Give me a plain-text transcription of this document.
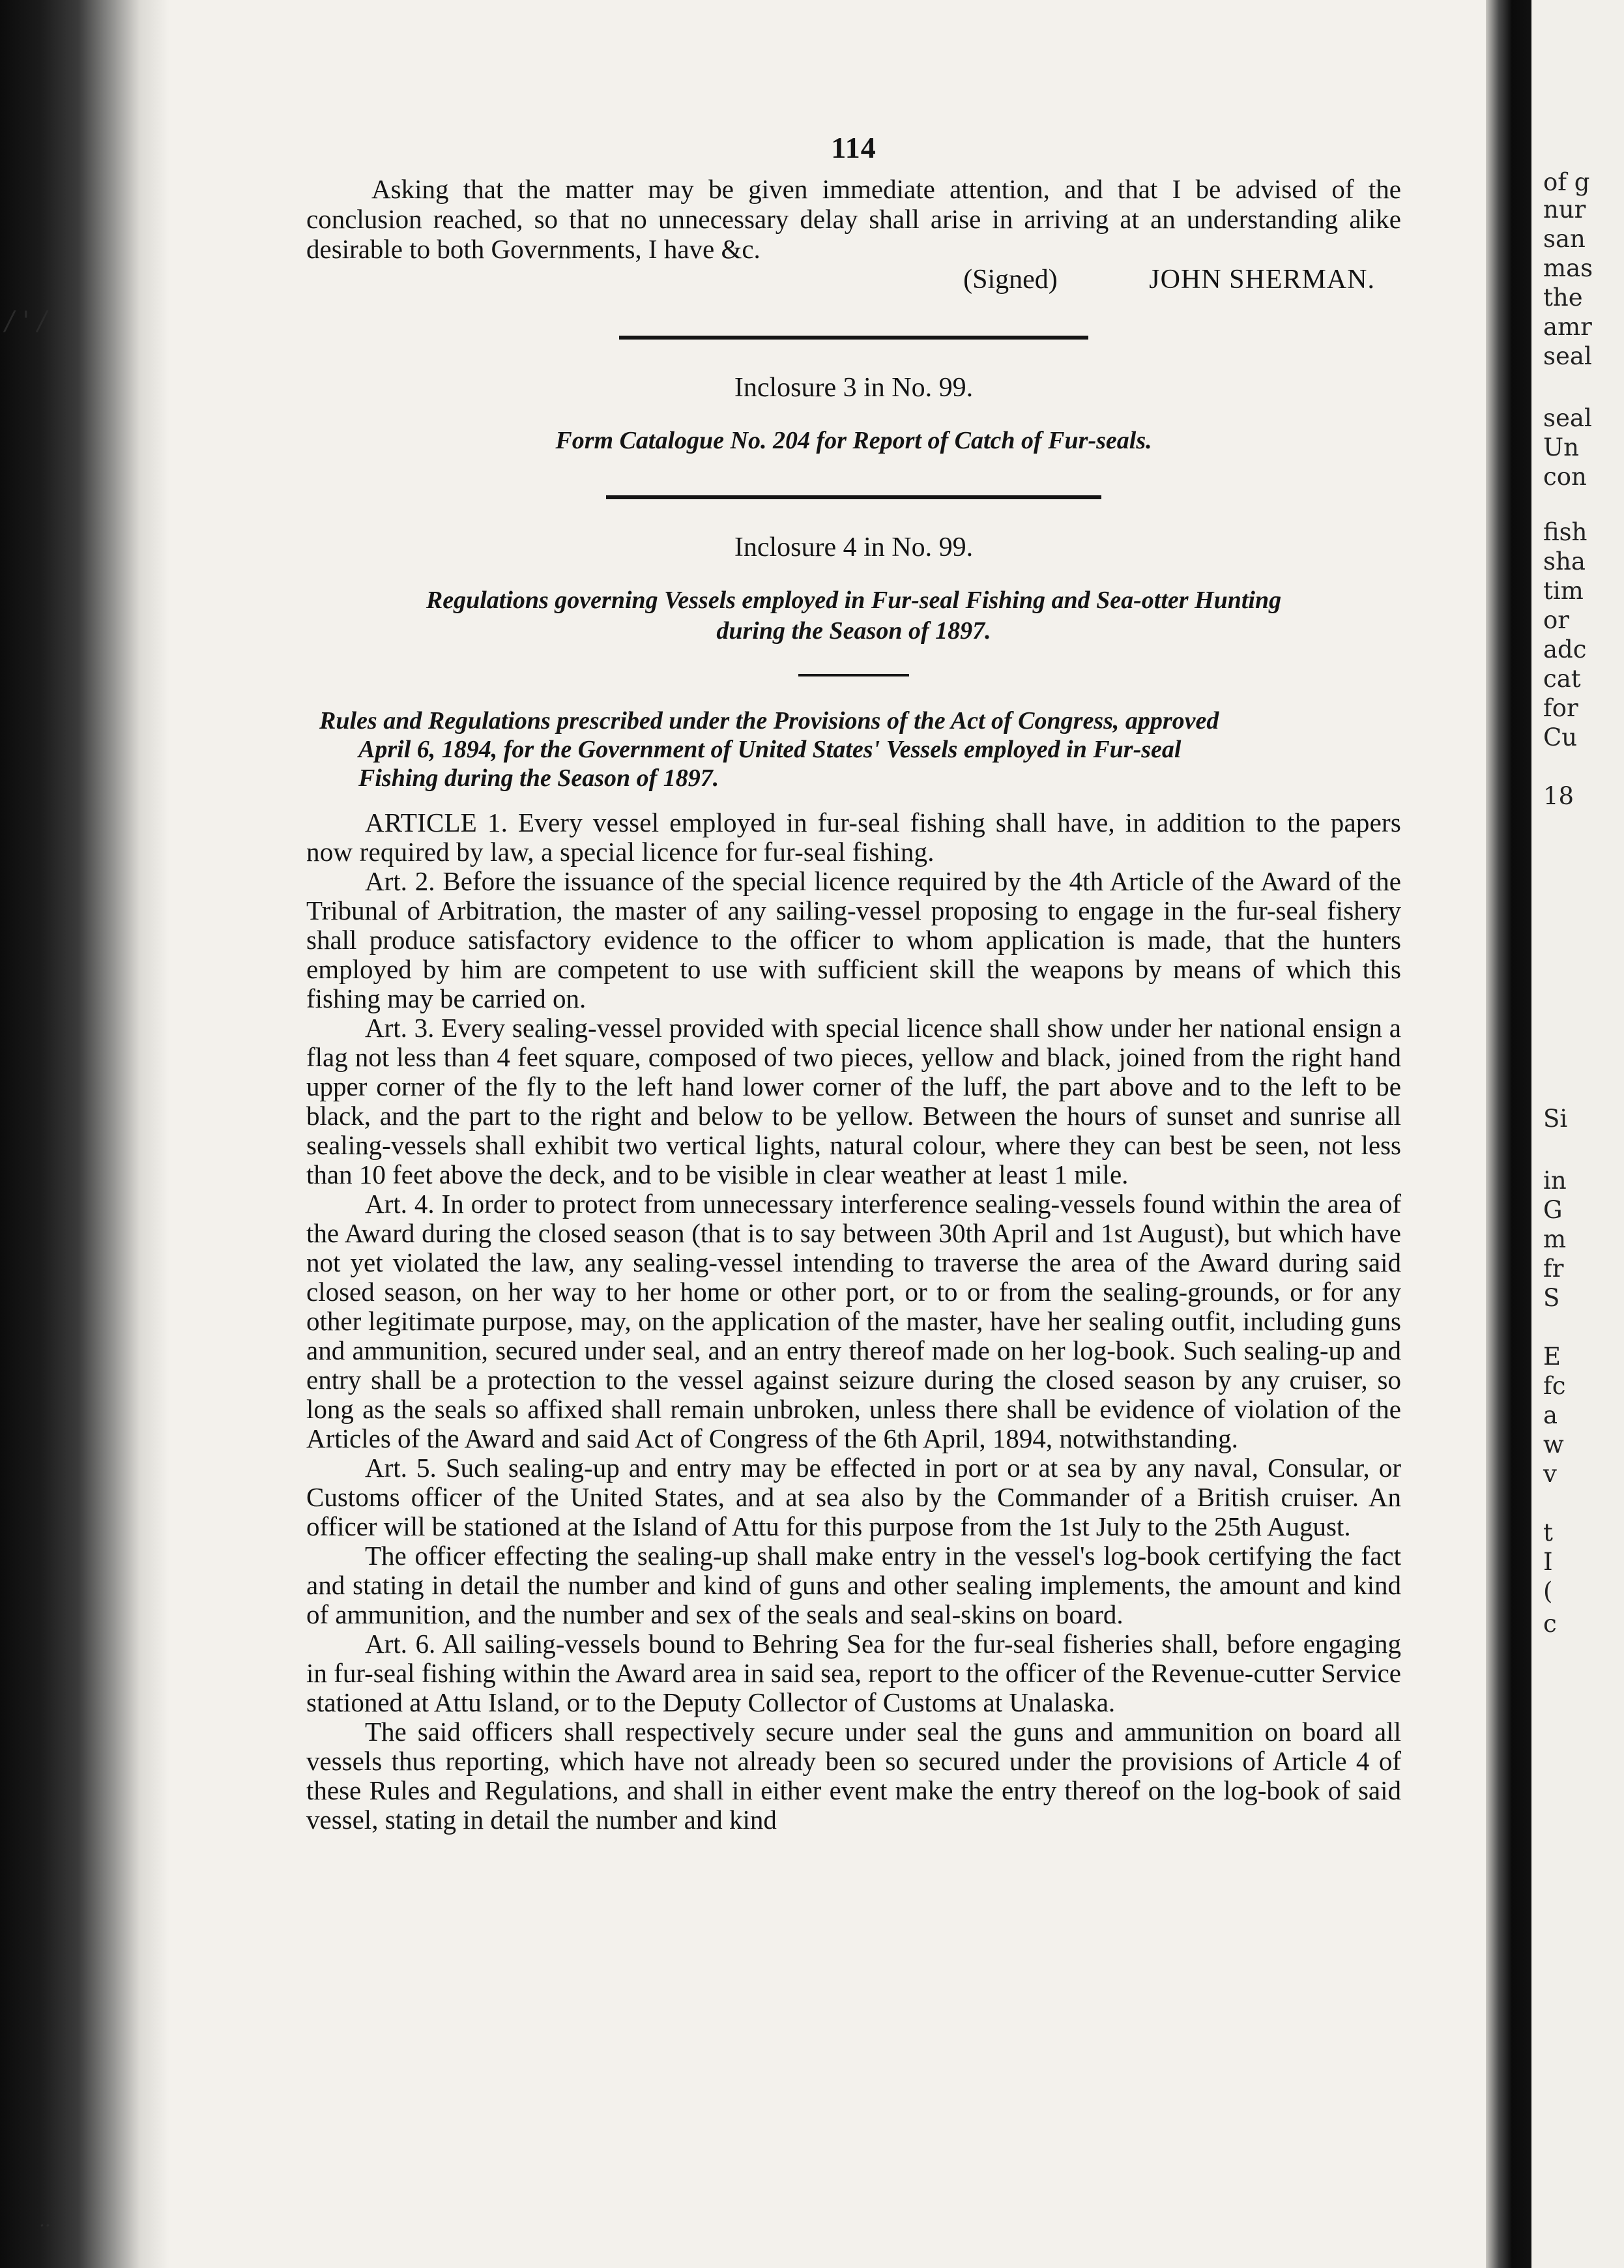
/ ' /
..
of g
nur
san
mas
the
amr
seal
seal
Un
con
fish
sha
tim
or
adc
cat
for
Cu
18
Si
in
G
m
fr
S
E
fc
a
w
v
t
I
(
c
114

Asking that the matter may be given immediate attention, and that I be advised of the conclusion reached, so that no unnecessary delay shall arise in arriving at an understanding alike desirable to both Governments, I have &c.

(Signed)	JOHN SHERMAN.
Inclosure 3 in No. 99.
Form Catalogue No. 204 for Report of Catch of Fur-seals.
Inclosure 4 in No. 99.
Regulations governing Vessels employed in Fur-seal Fishing and Sea-otter Hunting
during the Season of 1897.
Rules and Regulations prescribed under the Provisions of the Act of Congress, approved
April 6, 1894, for the Government of United States' Vessels employed in Fur-seal
Fishing during the Season of 1897.

ARTICLE 1. Every vessel employed in fur-seal fishing shall have, in addition to the papers now required by law, a special licence for fur-seal fishing.

Art. 2. Before the issuance of the special licence required by the 4th Article of the Award of the Tribunal of Arbitration, the master of any sailing-vessel proposing to engage in the fur-seal fishery shall produce satisfactory evidence to the officer to whom application is made, that the hunters employed by him are competent to use with sufficient skill the weapons by means of which this fishing may be carried on.

Art. 3. Every sealing-vessel provided with special licence shall show under her national ensign a flag not less than 4 feet square, composed of two pieces, yellow and black, joined from the right hand upper corner of the fly to the left hand lower corner of the luff, the part above and to the left to be black, and the part to the right and below to be yellow. Between the hours of sunset and sunrise all sealing-vessels shall exhibit two vertical lights, natural colour, where they can best be seen, not less than 10 feet above the deck, and to be visible in clear weather at least 1 mile.

Art. 4. In order to protect from unnecessary interference sealing-vessels found within the area of the Award during the closed season (that is to say between 30th April and 1st August), but which have not yet violated the law, any sealing-vessel intending to traverse the area of the Award during said closed season, on her way to her home or other port, or to or from the sealing-grounds, or for any other legitimate purpose, may, on the application of the master, have her sealing outfit, including guns and ammunition, secured under seal, and an entry thereof made on her log-book. Such sealing-up and entry shall be a protection to the vessel against seizure during the closed season by any cruiser, so long as the seals so affixed shall remain unbroken, unless there shall be evidence of violation of the Articles of the Award and said Act of Congress of the 6th April, 1894, notwithstanding.

Art. 5. Such sealing-up and entry may be effected in port or at sea by any naval, Consular, or Customs officer of the United States, and at sea also by the Commander of a British cruiser. An officer will be stationed at the Island of Attu for this purpose from the 1st July to the 25th August.

The officer effecting the sealing-up shall make entry in the vessel's log-book certifying the fact and stating in detail the number and kind of guns and other sealing implements, the amount and kind of ammunition, and the number and sex of the seals and seal-skins on board.

Art. 6. All sailing-vessels bound to Behring Sea for the fur-seal fisheries shall, before engaging in fur-seal fishing within the Award area in said sea, report to the officer of the Revenue-cutter Service stationed at Attu Island, or to the Deputy Collector of Customs at Unalaska.

The said officers shall respectively secure under seal the guns and ammunition on board all vessels thus reporting, which have not already been so secured under the provisions of Article 4 of these Rules and Regulations, and shall in either event make the entry thereof on the log-book of said vessel, stating in detail the number and kind
